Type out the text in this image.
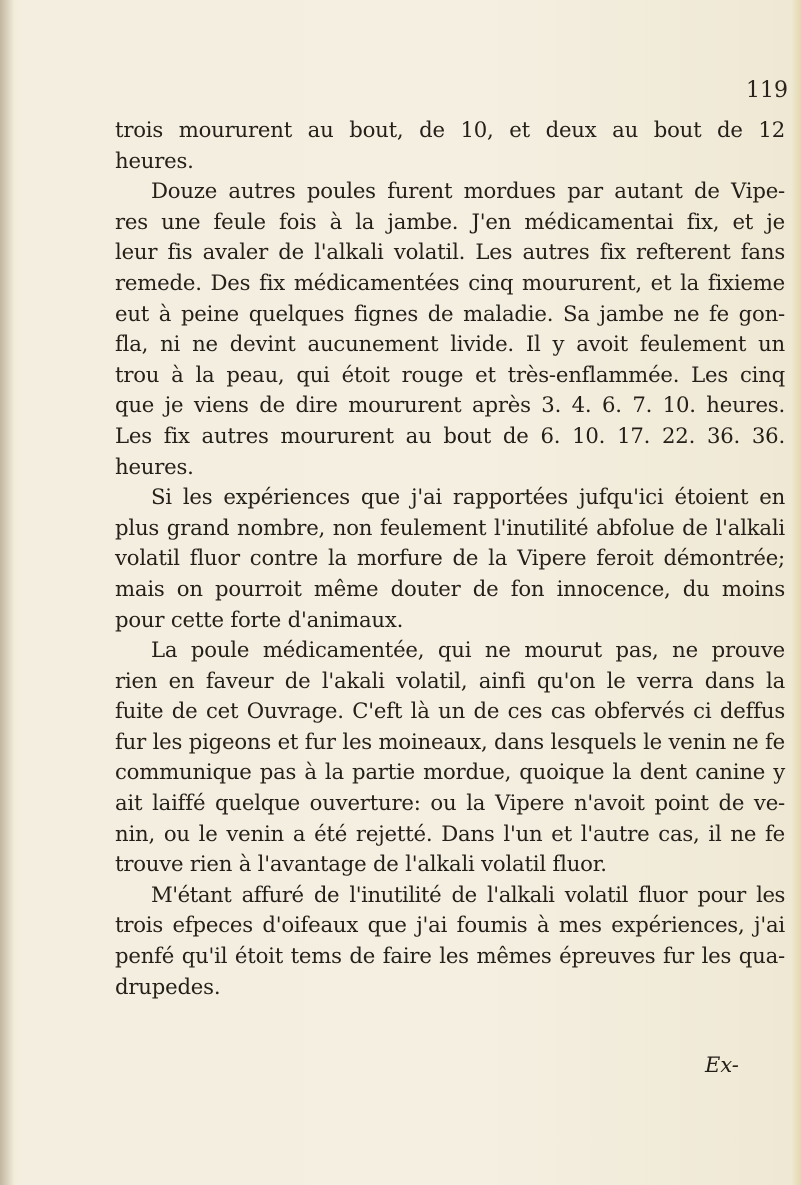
119
trois moururent au bout, de 10, et deux au bout de 12
heures.
Douze autres poules furent mordues par autant de Vipe-
res une feule fois à la jambe. J'en médicamentai fix, et je
leur fis avaler de l'alkali volatil. Les autres fix refterent fans
remede. Des fix médicamentées cinq moururent, et la fixieme
eut à peine quelques fignes de maladie. Sa jambe ne fe gon-
fla, ni ne devint aucunement livide. Il y avoit feulement un
trou à la peau, qui étoit rouge et très-enflammée. Les cinq
que je viens de dire moururent après 3. 4. 6. 7. 10. heures.
Les fix autres moururent au bout de 6. 10. 17. 22. 36. 36.
heures.
Si les expériences que j'ai rapportées jufqu'ici étoient en
plus grand nombre, non feulement l'inutilité abfolue de l'alkali
volatil fluor contre la morfure de la Vipere feroit démontrée;
mais on pourroit même douter de fon innocence, du moins
pour cette forte d'animaux.
La poule médicamentée, qui ne mourut pas, ne prouve
rien en faveur de l'akali volatil, ainfi qu'on le verra dans la
fuite de cet Ouvrage. C'eft là un de ces cas obfervés ci deffus
fur les pigeons et fur les moineaux, dans lesquels le venin ne fe
communique pas à la partie mordue, quoique la dent canine y
ait laiffé quelque ouverture: ou la Vipere n'avoit point de ve-
nin, ou le venin a été rejetté. Dans l'un et l'autre cas, il ne fe
trouve rien à l'avantage de l'alkali volatil fluor.
M'étant affuré de l'inutilité de l'alkali volatil fluor pour les
trois efpeces d'oifeaux que j'ai foumis à mes expériences, j'ai
penfé qu'il étoit tems de faire les mêmes épreuves fur les qua-
drupedes.
Ex-
